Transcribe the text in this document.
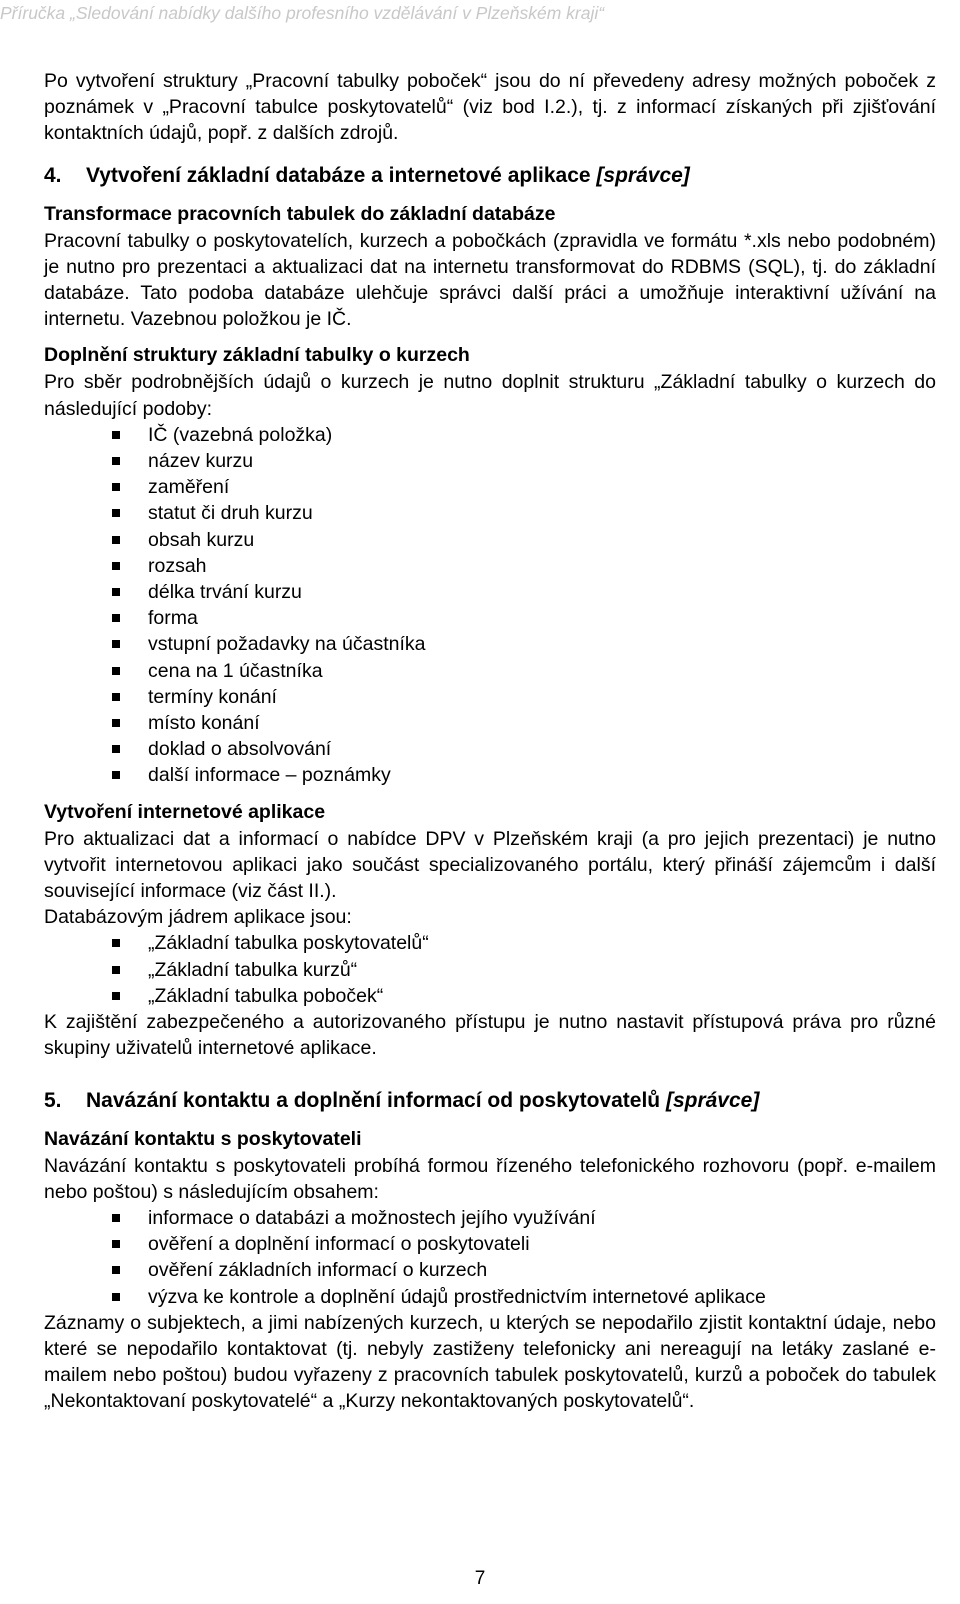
Příručka „Sledování nabídky dalšího profesního vzdělávání v Plzeňském kraji“

Po vytvoření struktury „Pracovní tabulky poboček“ jsou do ní převedeny adresy možných poboček z poznámek v „Pracovní tabulce poskytovatelů“ (viz bod I.2.), tj. z informací získaných při zjišťování kontaktních údajů, popř. z dalších zdrojů.

4.	Vytvoření základní databáze a internetové aplikace [správce]
Transformace pracovních tabulek do základní databáze

Pracovní tabulky o poskytovatelích, kurzech a pobočkách (zpravidla ve formátu *.xls nebo podobném) je nutno pro prezentaci a aktualizaci dat na internetu transformovat do RDBMS (SQL), tj. do základní databáze. Tato podoba databáze ulehčuje správci další práci a umožňuje interaktivní užívání na internetu. Vazebnou položkou je IČ.

Doplnění struktury základní tabulky o kurzech

Pro sběr podrobnějších údajů o kurzech je nutno doplnit strukturu „Základní tabulky o kurzech do následující podoby:

IČ (vazebná položka)
název kurzu
zaměření
statut či druh kurzu
obsah kurzu
rozsah
délka trvání kurzu
forma
vstupní požadavky na účastníka
cena na 1 účastníka
termíny konání
místo konání
doklad o absolvování
další informace – poznámky
Vytvoření internetové aplikace

Pro aktualizaci dat a informací o nabídce DPV v Plzeňském kraji (a pro jejich prezentaci) je nutno vytvořit internetovou aplikaci jako součást specializovaného portálu, který přináší zájemcům i další související informace (viz část II.).

Databázovým jádrem aplikace jsou:

„Základní tabulka poskytovatelů“
„Základní tabulka kurzů“
„Základní tabulka poboček“

K zajištění zabezpečeného a autorizovaného přístupu je nutno nastavit přístupová práva pro různé skupiny uživatelů internetové aplikace.

5.	Navázání kontaktu a doplnění informací od poskytovatelů [správce]
Navázání kontaktu s poskytovateli

Navázání kontaktu s poskytovateli probíhá formou řízeného telefonického rozhovoru (popř. e-mailem nebo poštou) s následujícím obsahem:

informace o databázi a možnostech jejího využívání
ověření a doplnění informací o poskytovateli
ověření základních informací o kurzech
výzva ke kontrole a doplnění údajů prostřednictvím internetové aplikace

Záznamy o subjektech, a jimi nabízených kurzech, u kterých se nepodařilo zjistit kontaktní údaje, nebo které se nepodařilo kontaktovat (tj. nebyly zastiženy telefonicky ani nereagují na letáky zaslané e-mailem nebo poštou) budou vyřazeny z pracovních tabulek poskytovatelů, kurzů a poboček do tabulek „Nekontaktovaní poskytovatelé“ a „Kurzy nekontaktovaných poskytovatelů“.

7
